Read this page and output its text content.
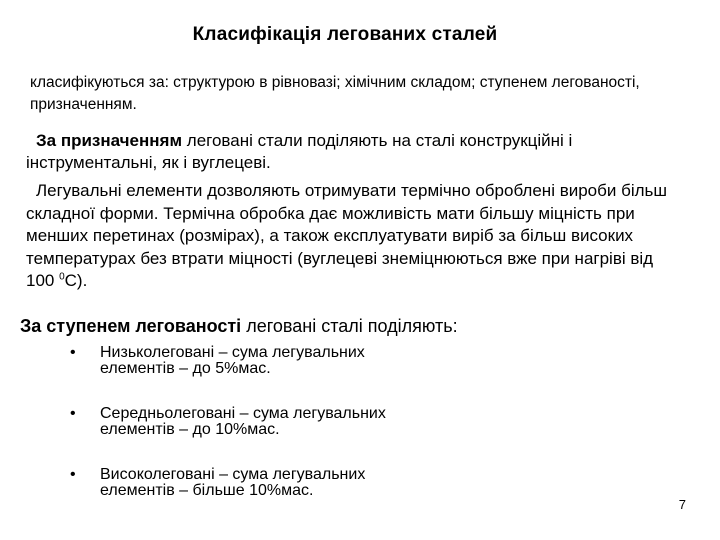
Класифікація легованих сталей
класифікуються за: структурою в рівновазі; хімічним складом; ступенем легованості, призначенням.
За призначенням леговані стали поділяють на сталі конструкційні і інструментальні, як і вуглецеві.
Легувальні елементи дозволяють отримувати термічно оброблені вироби більш складної форми. Термічна обробка дає можливість мати більшу міцність при менших перетинах (розмірах), а також експлуатувати виріб за більш високих температурах без втрати міцності (вуглецеві знеміцнюються вже при нагріві від 100 $^0$С).
За ступенем легованості леговані сталі поділяють:
• Низьколеговані – сума легувальних
елементів – до 5%мас.
• Середньолеговані – сума легувальних
елементів – до 10%мас.
• Високолеговані – сума легувальних
елементів – більше 10%мас.
7
